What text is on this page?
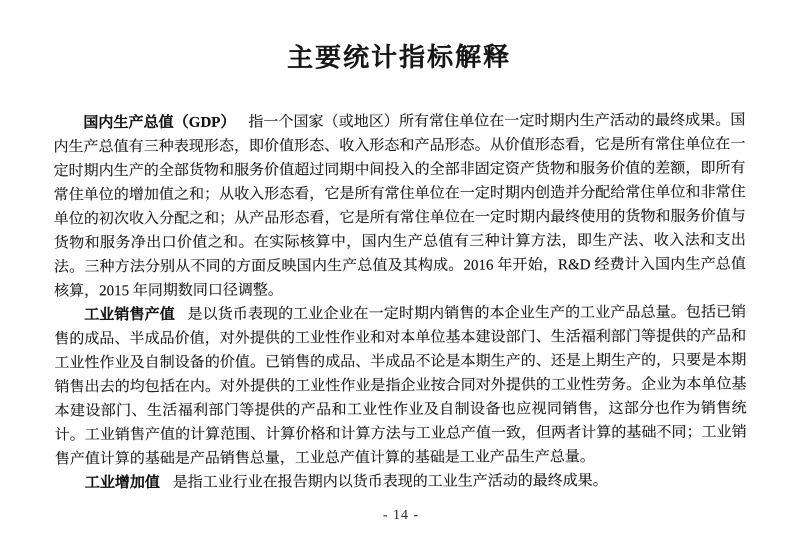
主要统计指标解释

国内生产总值（GDP） 指一个国家（或地区）所有常住单位在一定时期内生产活动的最终成果。国内生产总值有三种表现形态，即价值形态、收入形态和产品形态。从价值形态看，它是所有常住单位在一定时期内生产的全部货物和服务价值超过同期中间投入的全部非固定资产货物和服务价值的差额，即所有常住单位的增加值之和；从收入形态看，它是所有常住单位在一定时期内创造并分配给常住单位和非常住单位的初次收入分配之和；从产品形态看，它是所有常住单位在一定时期内最终使用的货物和服务价值与货物和服务净出口价值之和。在实际核算中，国内生产总值有三种计算方法，即生产法、收入法和支出法。三种方法分别从不同的方面反映国内生产总值及其构成。2016 年开始，R&D 经费计入国内生产总值核算，2015 年同期数同口径调整。

工业销售产值 是以货币表现的工业企业在一定时期内销售的本企业生产的工业产品总量。包括已销售的成品、半成品价值，对外提供的工业性作业和对本单位基本建设部门、生活福利部门等提供的产品和工业性作业及自制设备的价值。已销售的成品、半成品不论是本期生产的、还是上期生产的，只要是本期销售出去的均包括在内。对外提供的工业性作业是指企业按合同对外提供的工业性劳务。企业为本单位基本建设部门、生活福利部门等提供的产品和工业性作业及自制设备也应视同销售，这部分也作为销售统计。工业销售产值的计算范围、计算价格和计算方法与工业总产值一致，但两者计算的基础不同；工业销售产值计算的基础是产品销售总量，工业总产值计算的基础是工业产品生产总量。

工业增加值 是指工业行业在报告期内以货币表现的工业生产活动的最终成果。

- 14 -
